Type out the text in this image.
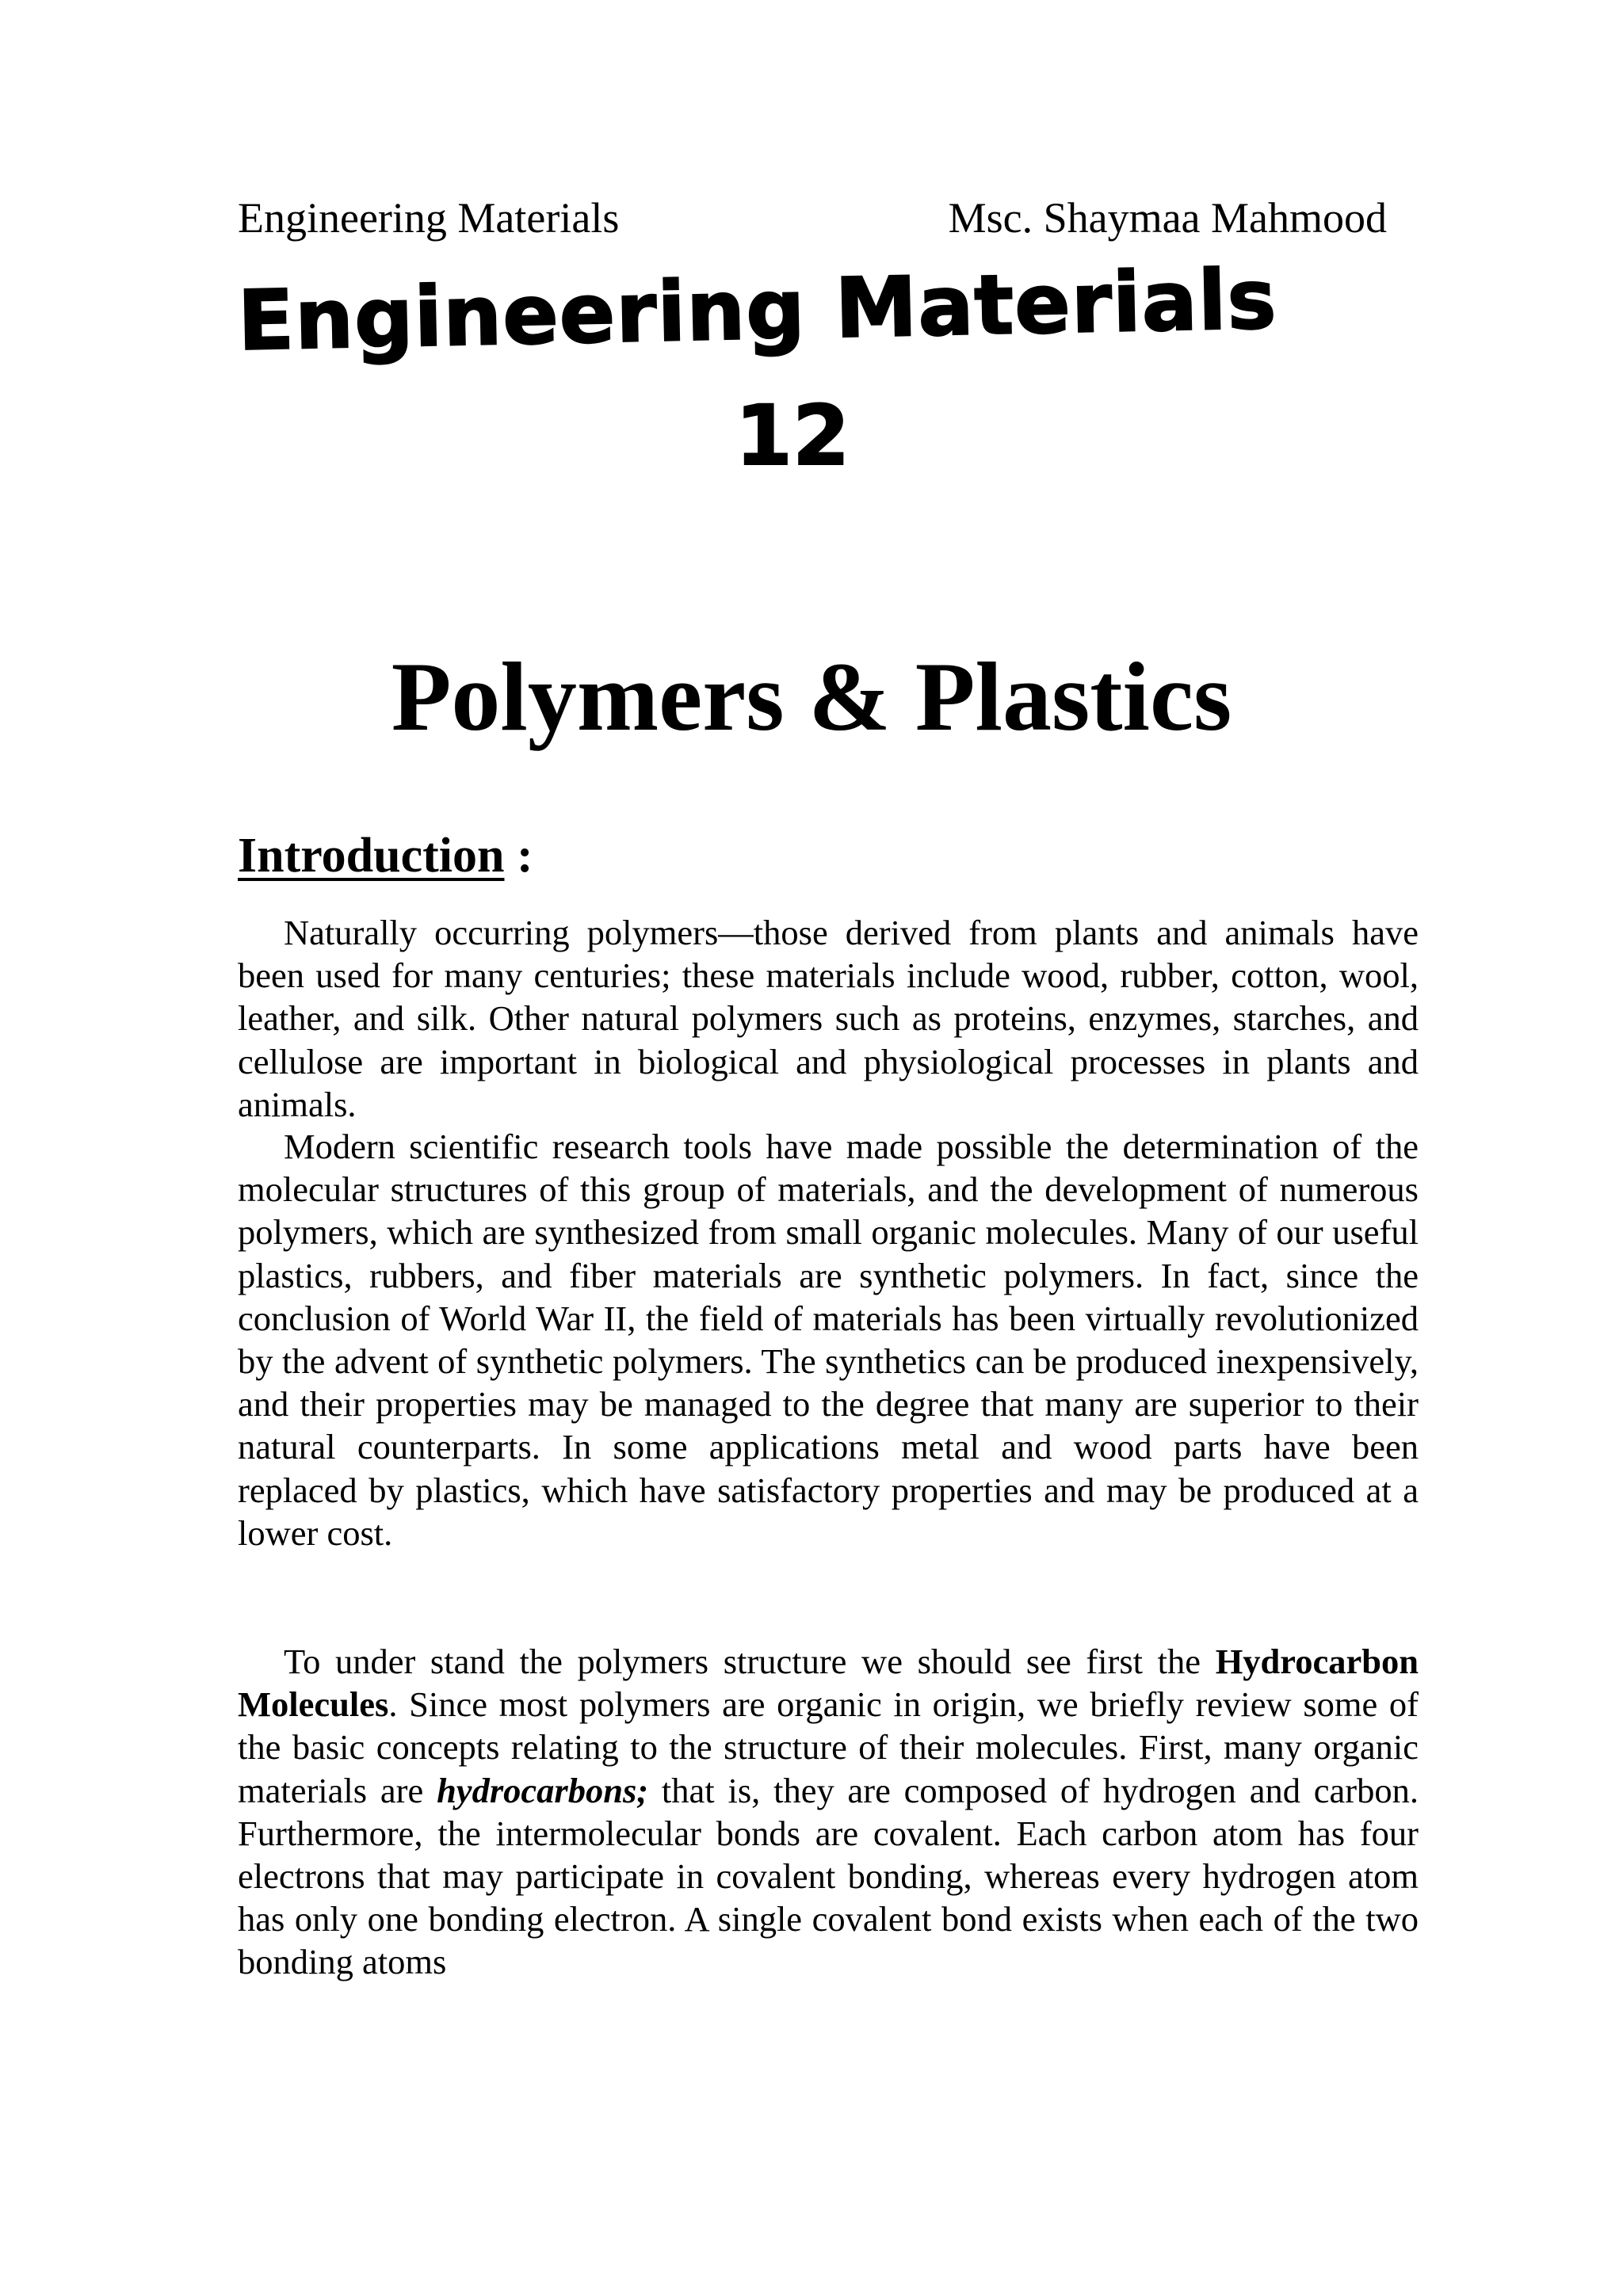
Engineering Materials	Msc. Shaymaa Mahmood
Engineering Materials
12
Polymers & Plastics
Introduction :

Naturally occurring polymers—those derived from plants and animals have been used for many centuries; these materials include wood, rubber, cotton, wool, leather, and silk. Other natural polymers such as proteins, enzymes, starches, and cellulose are important in biological and physiological processes in plants and animals.

Modern scientific research tools have made possible the determination of the molecular structures of this group of materials, and the development of numerous polymers, which are synthesized from small organic molecules. Many of our useful plastics, rubbers, and fiber materials are synthetic polymers. In fact, since the conclusion of World War II, the field of materials has been virtually revolutionized by the advent of synthetic polymers. The synthetics can be produced inexpensively, and their properties may be managed to the degree that many are superior to their natural counterparts. In some applications metal and wood parts have been replaced by plastics, which have satisfactory properties and may be produced at a lower cost.

To under stand the polymers structure we should see first the Hydrocarbon Molecules. Since most polymers are organic in origin, we briefly review some of the basic concepts relating to the structure of their molecules. First, many organic materials are hydrocarbons; that is, they are composed of hydrogen and carbon. Furthermore, the intermolecular bonds are covalent. Each carbon atom has four electrons that may participate in covalent bonding, whereas every hydrogen atom has only one bonding electron. A single covalent bond exists when each of the two bonding atoms
